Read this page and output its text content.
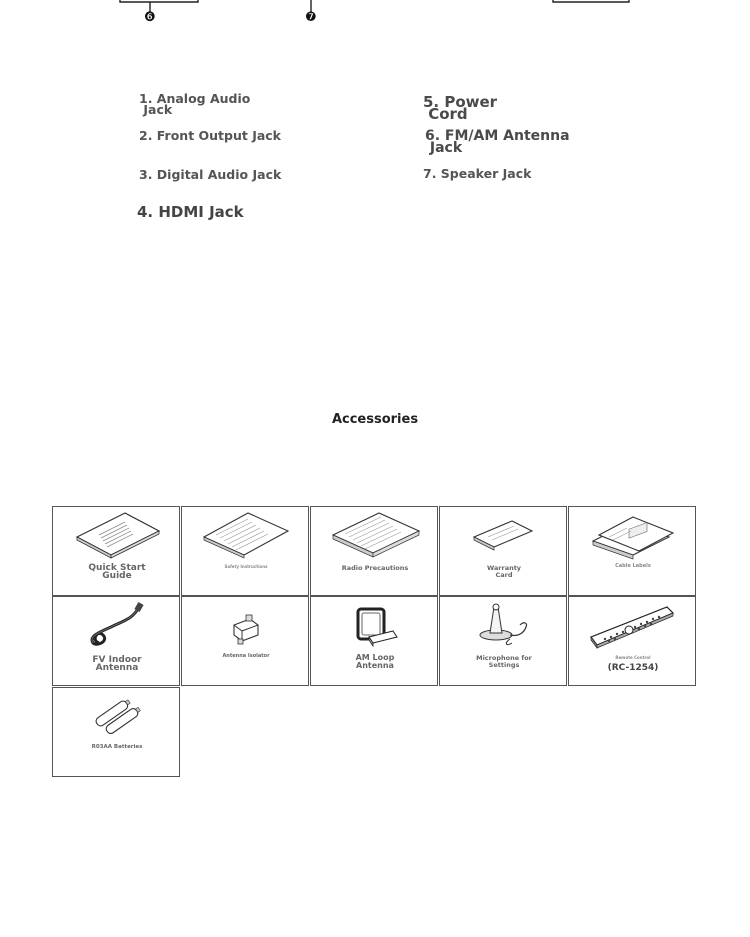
❻	❼
1. Analog Audio
Jack
2. Front Output Jack
3. Digital Audio Jack
4. HDMI Jack
5. Power
Cord
6. FM/AM Antenna
Jack
7. Speaker Jack
Accessories
Quick Start
Guide
Safety Instructions	Radio Precautions	Warranty
Card
Cable Labels
FV Indoor
Antenna
Antenna Isolator	AM Loop
Antenna
Microphone for
Settings
Remote Control
(RC-1254)
R03AA Batteries
